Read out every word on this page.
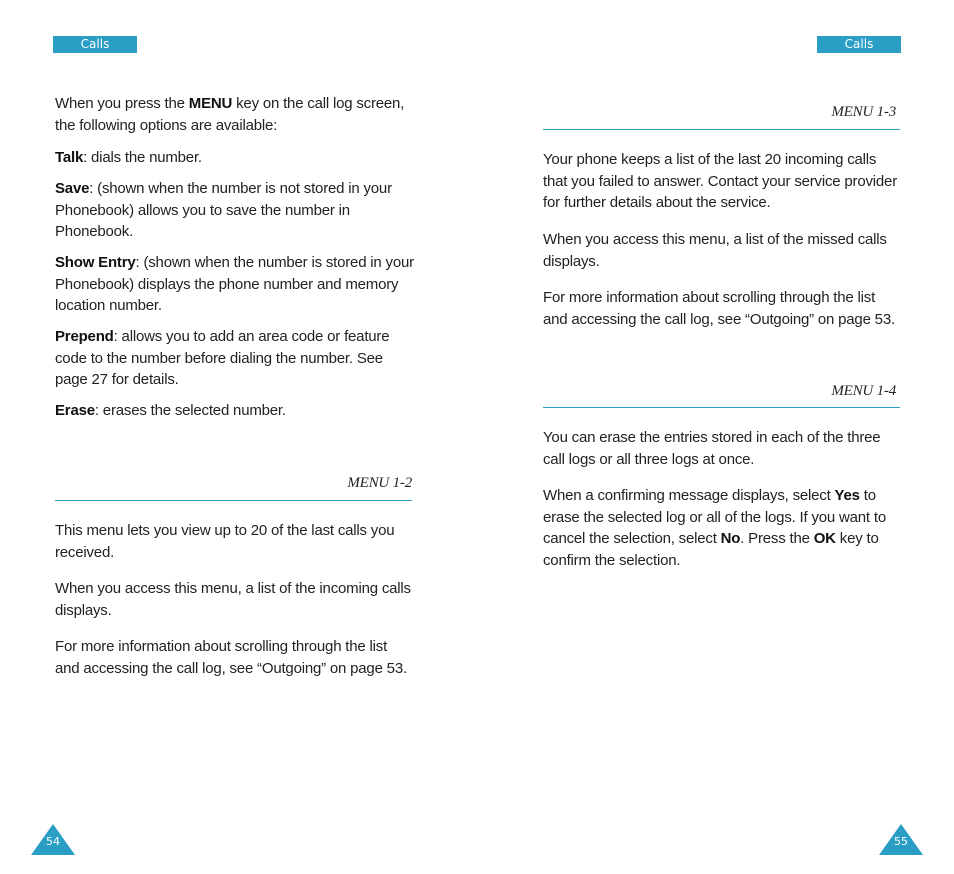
Calls	Calls
When you press the MENU key on the call log screen, the following options are available:
Talk: dials the number.
Save: (shown when the number is not stored in your Phonebook) allows you to save the number in Phonebook.
Show Entry: (shown when the number is stored in your Phonebook) displays the phone number and memory location number.
Prepend: allows you to add an area code or feature code to the number before dialing the number. See page 27 for details.
Erase: erases the selected number.
MENU 1-2
This menu lets you view up to 20 of the last calls you received.
When you access this menu, a list of the incoming calls displays.
For more information about scrolling through the list and accessing the call log, see “Outgoing” on page 53.
MENU 1-3
Your phone keeps a list of the last 20 incoming calls that you failed to answer. Contact your service provider for further details about the service.
When you access this menu, a list of the missed calls displays.
For more information about scrolling through the list and accessing the call log, see “Outgoing” on page 53.
MENU 1-4
You can erase the entries stored in each of the three call logs or all three logs at once.
When a confirming message displays, select Yes to erase the selected log or all of the logs. If you want to cancel the selection, select No. Press the OK key to confirm the selection.
54	55
